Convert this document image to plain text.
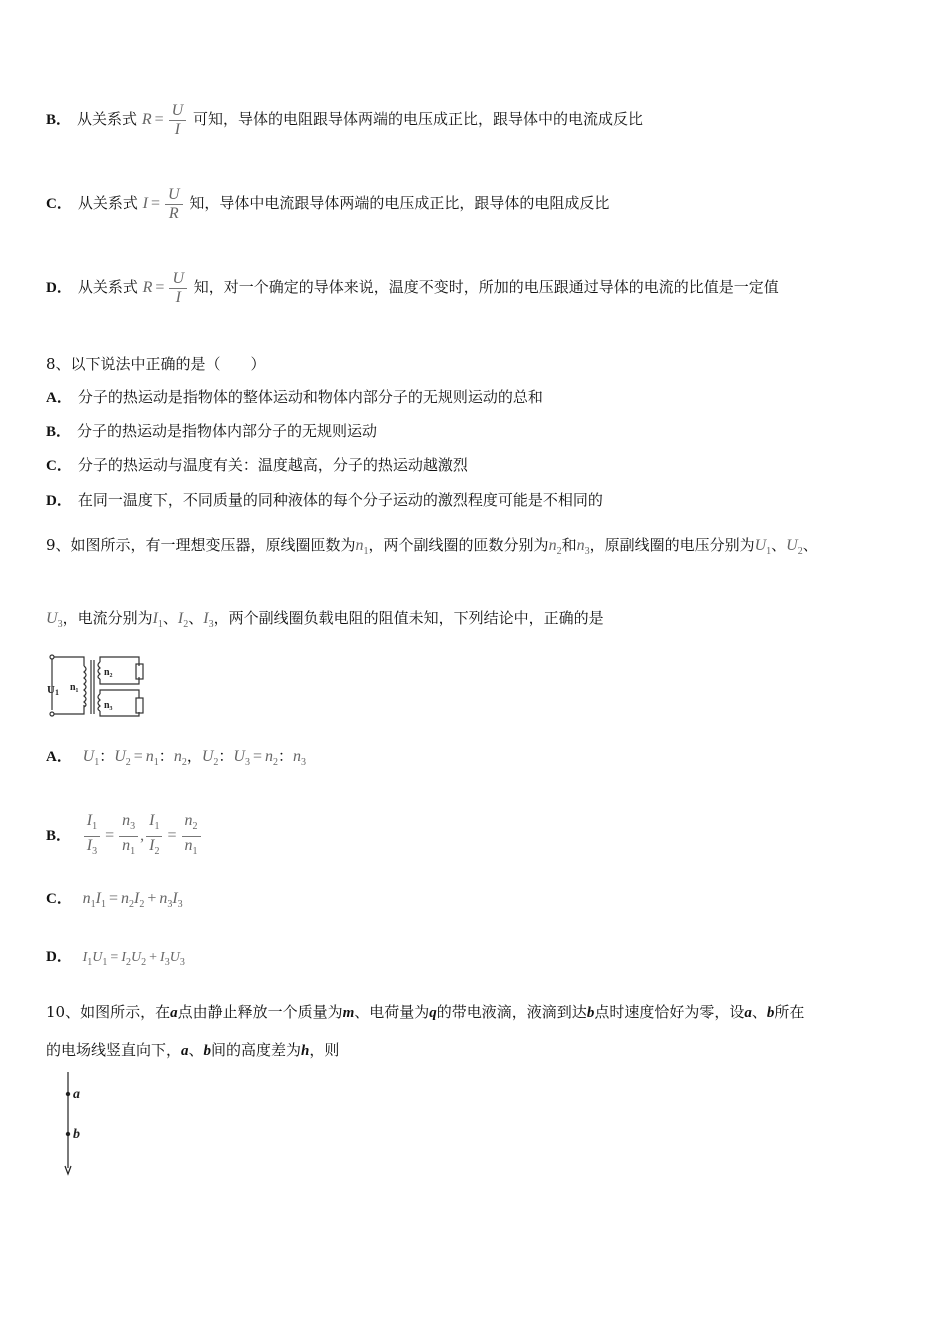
B． 从关系式 $R = \frac{U}{I}$ 可知，导体的电阻跟导体两端的电压成正比，跟导体中的电流成反比
C． 从关系式 $I = \frac{U}{R}$ 知，导体中电流跟导体两端的电压成正比，跟导体的电阻成反比
D． 从关系式 $R = \frac{U}{I}$ 知，对一个确定的导体来说，温度不变时，所加的电压跟通过导体的电流的比值是一定值
8、以下说法中正确的是（　　）
A． 分子的热运动是指物体的整体运动和物体内部分子的无规则运动的总和
B． 分子的热运动是指物体内部分子的无规则运动
C． 分子的热运动与温度有关：温度越高，分子的热运动越激烈
D． 在同一温度下，不同质量的同种液体的每个分子运动的激烈程度可能是不相同的
9、如图所示，有一理想变压器，原线圈匝数为$n_1$，两个副线圈的匝数分别为$n_2$和$n_3$，原副线圈的电压分别为$U_1$、$U_2$、
$U_3$，电流分别为$I_1$、$I_2$、$I_3$，两个副线圈负载电阻的阻值未知，下列结论中，正确的是
U1 n₁
n₂
n₃
A． $U_1$：$U_2 = n_1$：$n_2$，$U_2$：$U_3 = n_2$：$n_3$
B． $\frac{I_1}{I_3} = \frac{n_3}{n_1}$ , $\frac{I_1}{I_2} = \frac{n_2}{n_1}$
C． $n_1I_1 = n_2I_2 + n_3I_3$
D． $I_1U_1 = I_2U_2 + I_3U_3$
10、如图所示，在a点由静止释放一个质量为m、电荷量为q的带电液滴，液滴到达b点时速度恰好为零，设a、b所在
的电场线竖直向下，a、b间的高度差为h，则
a
b
